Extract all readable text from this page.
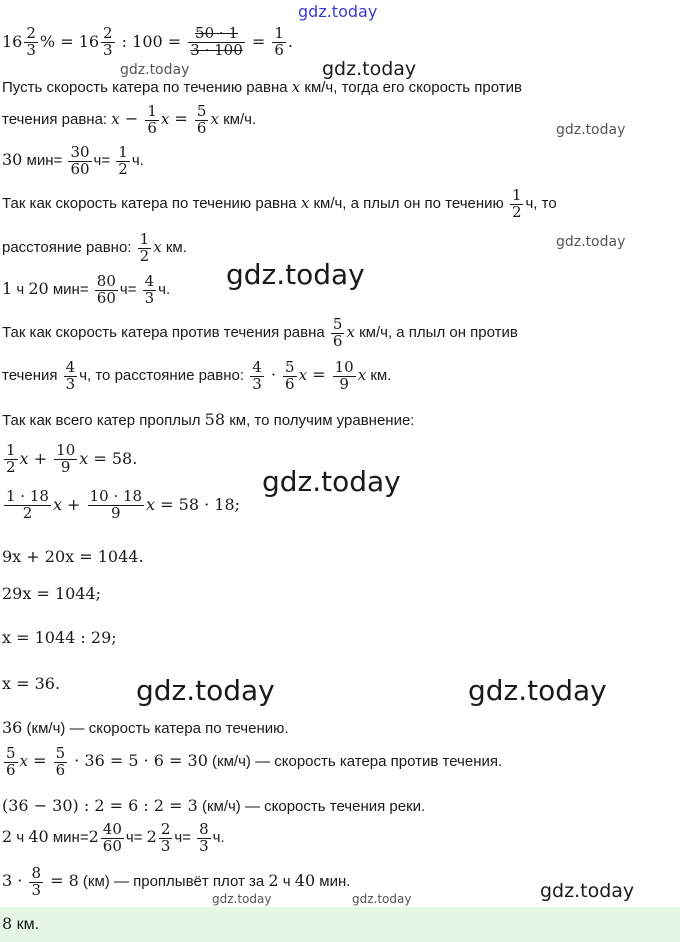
gdz.today
gdz.today	gdz.today
gdz.today
gdz.today
gdz.today
gdz.today
gdz.today	gdz.today
gdz.today
gdz.today	gdz.today
$16 \frac{2}{3}$ % = $16 \frac{2}{3}$ : $100 = \frac{50 \cdot 1}{3 \cdot 100} = \frac{1}{6}$ .
Пусть скорость катера по течению равна x км/ч, тогда его скорость против
течения равна: $x - \frac{1}{6}$ $x = \frac{5}{6}$ x км/ч.
30 $мин= \frac{30}{60} ч= \frac{1}{2} ч$.
Так как скорость катера по течению равна x км/ч, а плыл он по течению $\frac{1}{2} ч$, то
расстояние равно: $\frac{1}{2}$ x км.
1 ч 20 $мин= \frac{80}{60} ч= \frac{4}{3} ч$.
Так как скорость катера против течения равна $\frac{5}{6}$ x км/ч, а плыл он против
течения $\frac{4}{3} ч$, то расстояние равно: $\frac{4}{3} \cdot \frac{5}{6}$ $x = \frac{10}{9}$ x км.
Так как всего катер проплыл 58 км, то получим уравнение:
$\frac{1}{2}$ $x + \frac{10}{9}$ x = 58.
$\frac{1 \cdot 18}{2}$ $x + \frac{10 \cdot 18}{9}$ x = 58 · 18;
9x + 20x = 1044.
29x = 1044;
x = 1044 : 29;
x = 36.
36 (км/ч) — скорость катера по течению.
$\frac{5}{6}$ $x = \frac{5}{6} \cdot 36 = 5 \cdot 6 = 30$ (км/ч) — скорость катера против течения.
(36 − 30) : 2 = 6 : 2 = 3 (км/ч) — скорость течения реки.
2 ч 40 $мин=2 \frac{40}{60} ч= 2 \frac{2}{3} ч= \frac{8}{3} ч$.
$3 \cdot \frac{8}{3} = 8$ (км) — проплывёт плот за 2 ч 40 мин.
8 км.
